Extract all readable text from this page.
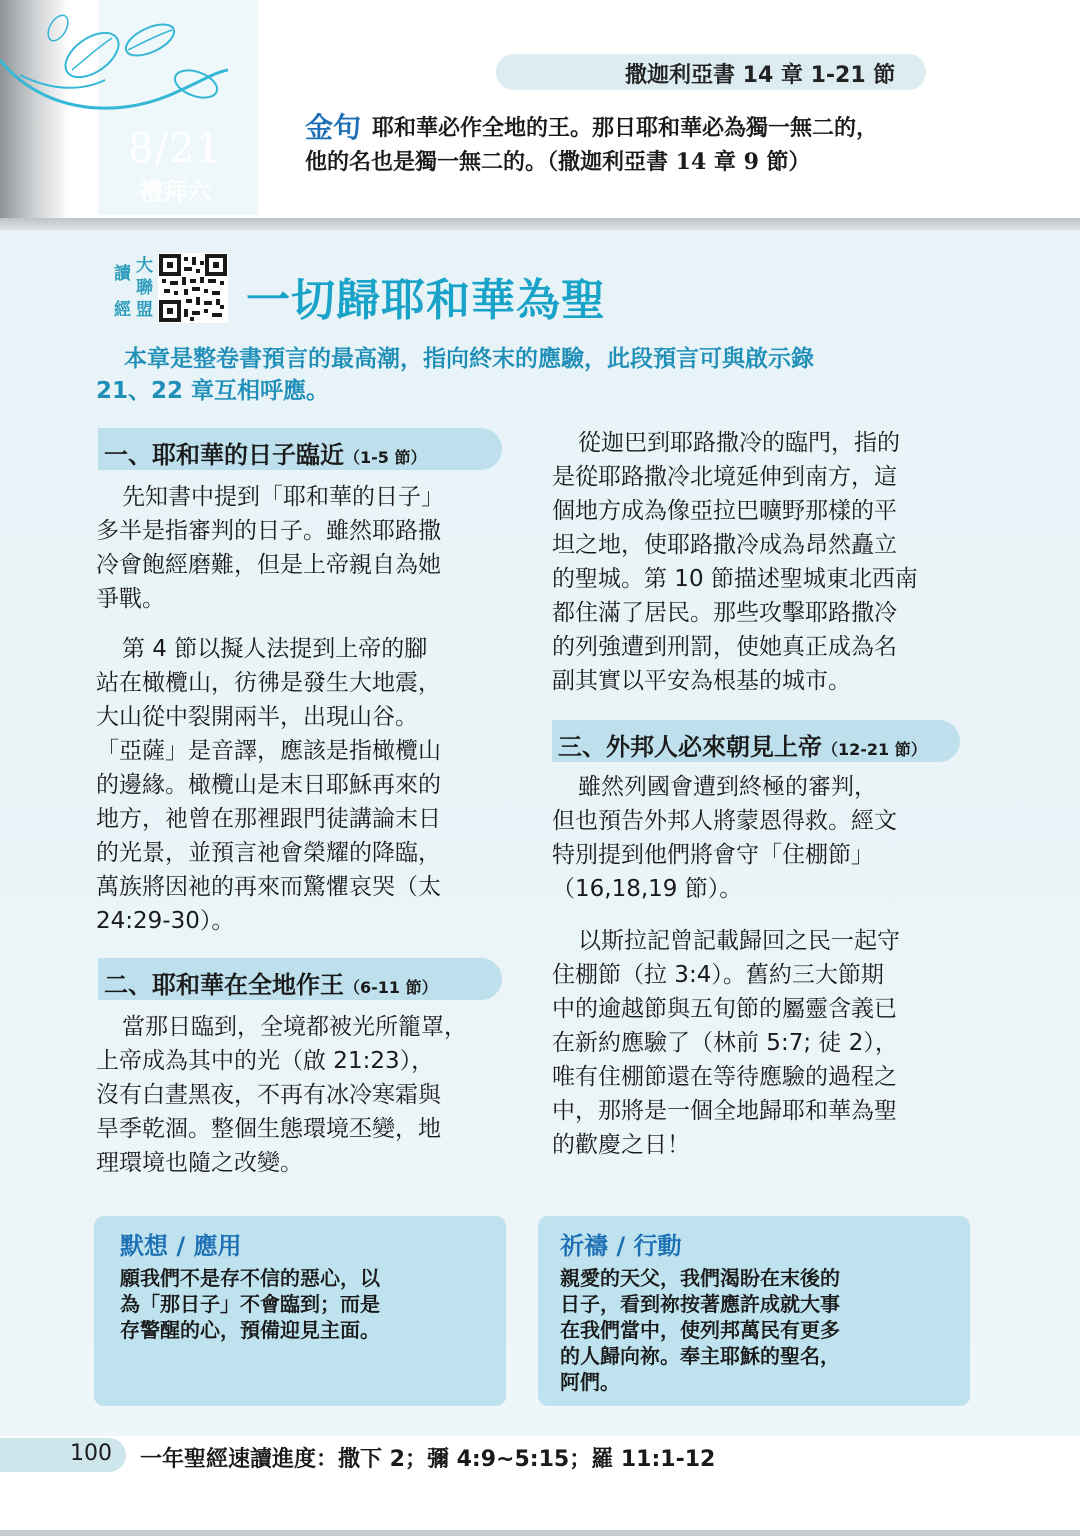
8/21
禮拜六
撒迦利亞書 14 章 1-21 節
金句 耶和華必作全地的王。那日耶和華必為獨一無二的，
他的名也是獨一無二的。（撒迦利亞書 14 章 9 節）
讀
經
大
聯
盟 一切歸耶和華為聖
本章是整卷書預言的最高潮，指向終末的應驗，此段預言可與啟示錄
21、22 章互相呼應。
一、耶和華的日子臨近（1-5 節）
先知書中提到「耶和華的日子」
多半是指審判的日子。雖然耶路撒
冷會飽經磨難，但是上帝親自為她
爭戰。
第 4 節以擬人法提到上帝的腳
站在橄欖山，彷彿是發生大地震，
大山從中裂開兩半，出現山谷。
「亞薩」是音譯，應該是指橄欖山
的邊緣。橄欖山是末日耶穌再來的
地方，祂曾在那裡跟門徒講論末日
的光景，並預言祂會榮耀的降臨，
萬族將因祂的再來而驚懼哀哭（太
24:29-30）。
二、耶和華在全地作王（6-11 節）
當那日臨到，全境都被光所籠罩，
上帝成為其中的光（啟 21:23），
沒有白晝黑夜，不再有冰冷寒霜與
旱季乾涸。整個生態環境丕變，地
理環境也隨之改變。
從迦巴到耶路撒冷的臨門，指的
是從耶路撒冷北境延伸到南方，這
個地方成為像亞拉巴曠野那樣的平
坦之地，使耶路撒冷成為昂然矗立
的聖城。第 10 節描述聖城東北西南
都住滿了居民。那些攻擊耶路撒冷
的列強遭到刑罰，使她真正成為名
副其實以平安為根基的城市。
三、外邦人必來朝見上帝（12-21 節）
雖然列國會遭到終極的審判，
但也預告外邦人將蒙恩得救。經文
特別提到他們將會守「住棚節」
（16,18,19 節）。
以斯拉記曾記載歸回之民一起守
住棚節（拉 3:4）。舊約三大節期
中的逾越節與五旬節的屬靈含義已
在新約應驗了（林前 5:7; 徒 2），
唯有住棚節還在等待應驗的過程之
中，那將是一個全地歸耶和華為聖
的歡慶之日！
默想 / 應用
願我們不是存不信的惡心，以
為「那日子」不會臨到；而是
存警醒的心，預備迎見主面。
祈禱 / 行動
親愛的天父，我們渴盼在末後的
日子，看到祢按著應許成就大事
在我們當中，使列邦萬民有更多
的人歸向祢。奉主耶穌的聖名，
阿們。
100 一年聖經速讀進度：撒下 2；彌 4:9~5:15；羅 11:1-12
